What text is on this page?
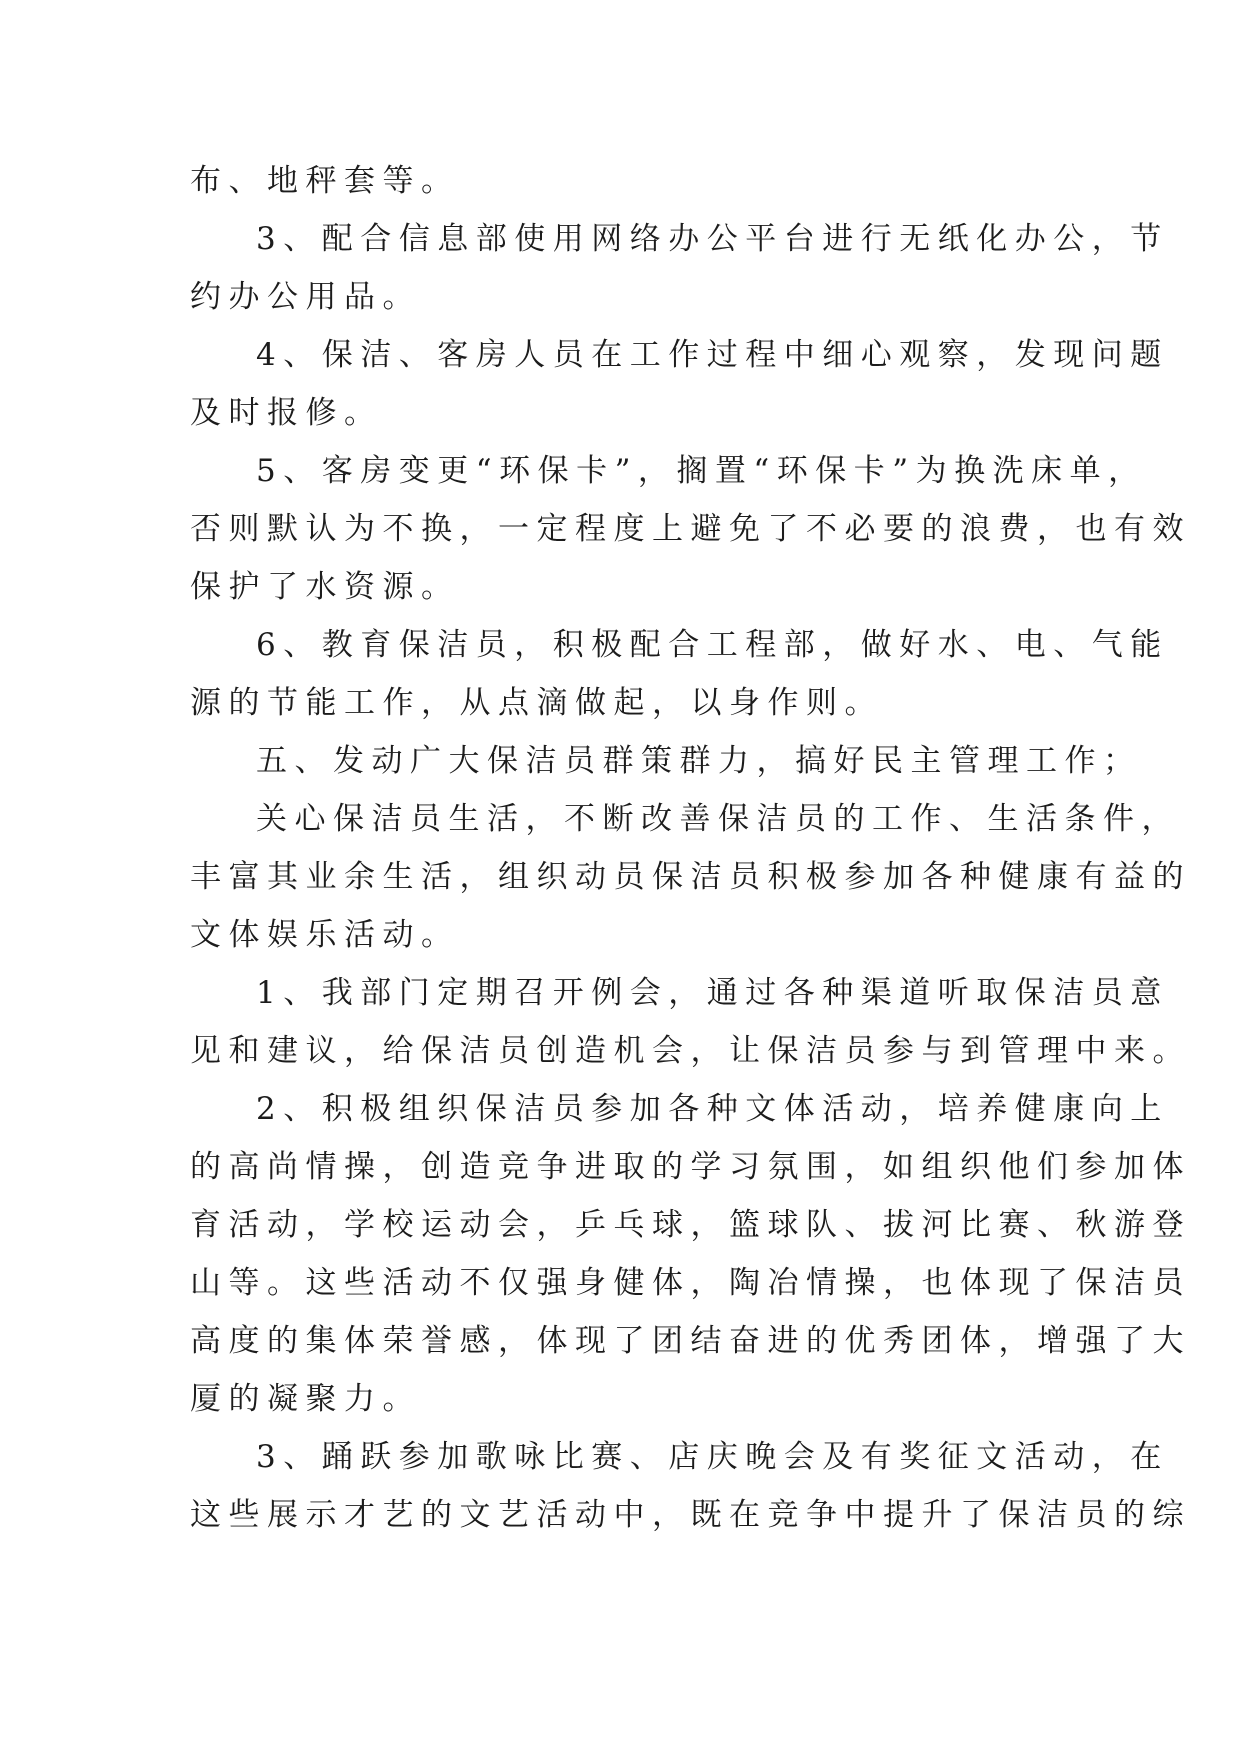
布、地秤套等。
3、配合信息部使用网络办公平台进行无纸化办公，节
约办公用品。
4、保洁、客房人员在工作过程中细心观察，发现问题
及时报修。
5、客房变更“环保卡”，搁置“环保卡”为换洗床单，
否则默认为不换，一定程度上避免了不必要的浪费，也有效
保护了水资源。
6、教育保洁员，积极配合工程部，做好水、电、气能
源的节能工作，从点滴做起，以身作则。
五、发动广大保洁员群策群力，搞好民主管理工作；
关心保洁员生活，不断改善保洁员的工作、生活条件，
丰富其业余生活，组织动员保洁员积极参加各种健康有益的
文体娱乐活动。
1、我部门定期召开例会，通过各种渠道听取保洁员意
见和建议，给保洁员创造机会，让保洁员参与到管理中来。
2、积极组织保洁员参加各种文体活动，培养健康向上
的高尚情操，创造竞争进取的学习氛围，如组织他们参加体
育活动，学校运动会，乒乓球，篮球队、拔河比赛、秋游登
山等。这些活动不仅强身健体，陶冶情操，也体现了保洁员
高度的集体荣誉感，体现了团结奋进的优秀团体，增强了大
厦的凝聚力。
3、踊跃参加歌咏比赛、店庆晚会及有奖征文活动，在
这些展示才艺的文艺活动中，既在竞争中提升了保洁员的综
